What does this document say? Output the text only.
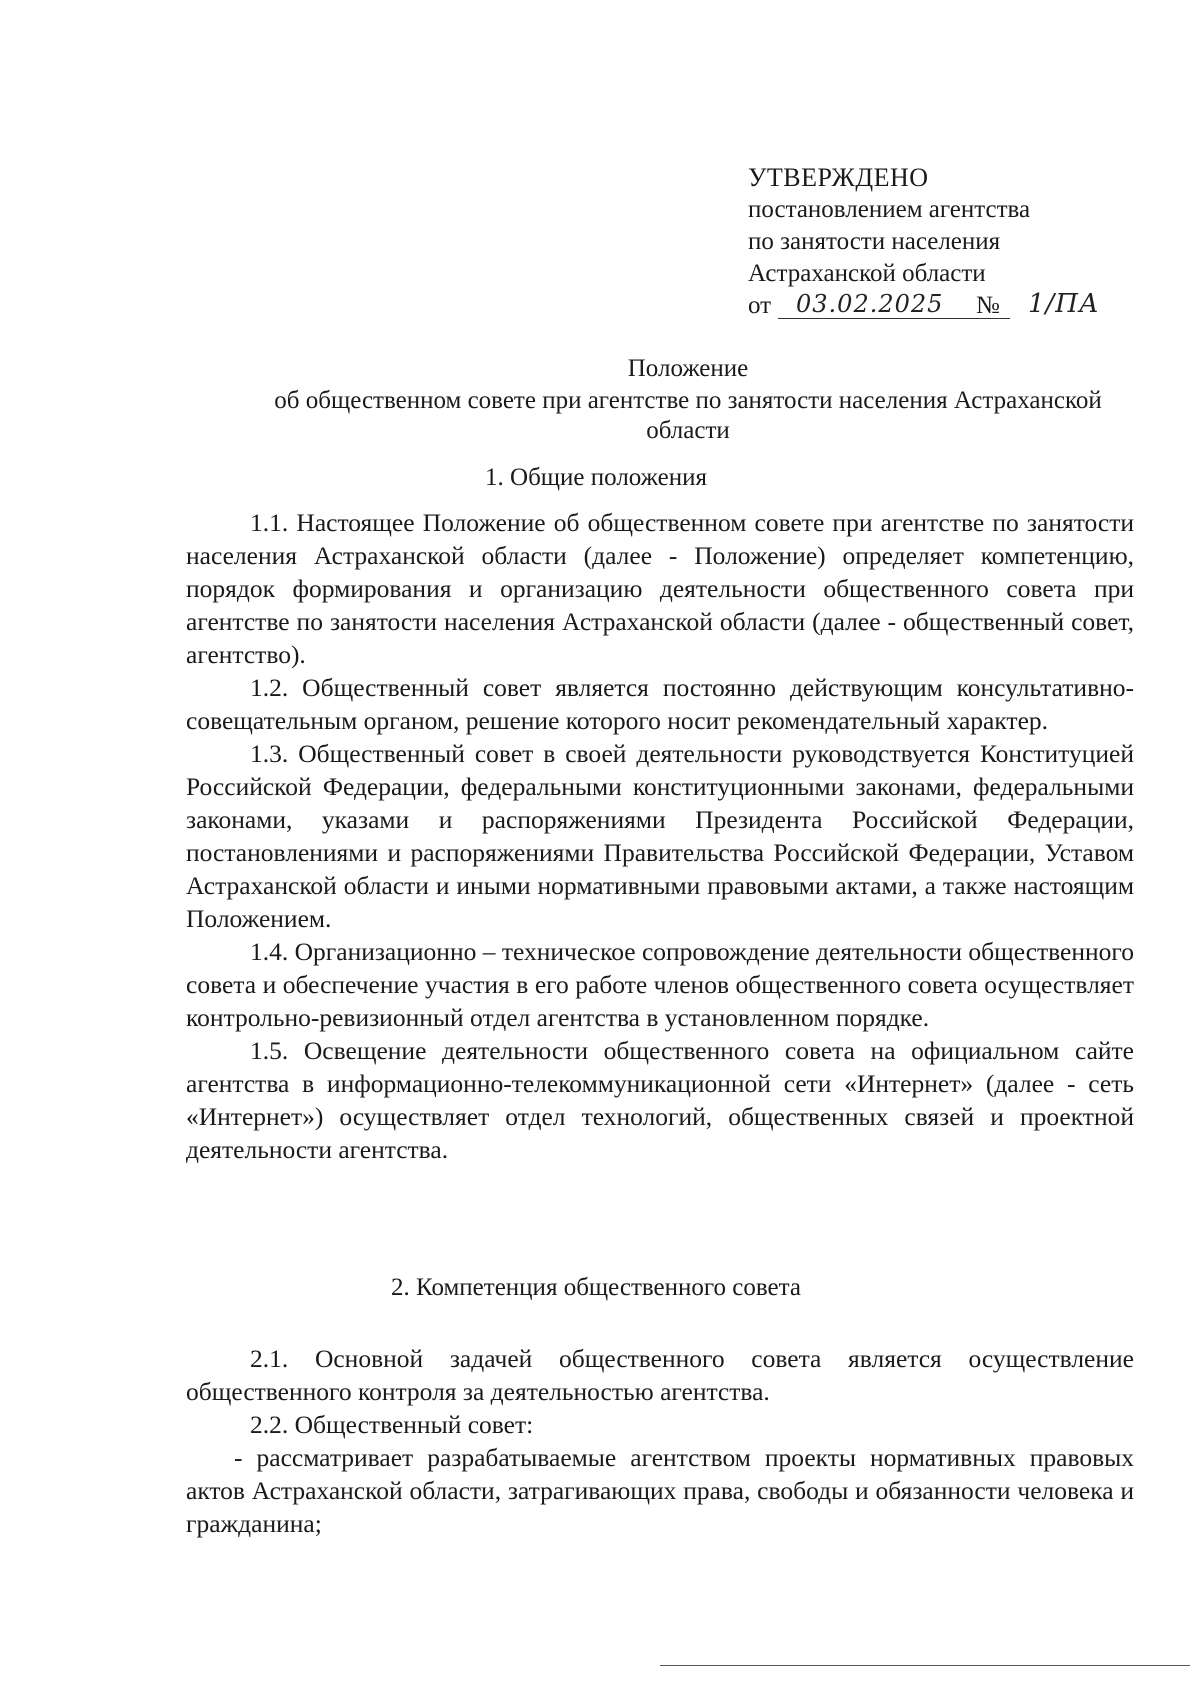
УТВЕРЖДЕНО
постановлением агентства
по занятости населения
Астраханской области
от 03.02.2025 № 1/ПА
Положение
об общественном совете при агентстве по занятости населения Астраханской области
1. Общие положения

1.1. Настоящее Положение об общественном совете при агентстве по занятости населения Астраханской области (далее - Положение) определяет компетенцию, порядок формирования и организацию деятельности общественного совета при агентстве по занятости населения Астраханской области (далее - общественный совет, агентство).

1.2. Общественный совет является постоянно действующим консультативно-совещательным органом, решение которого носит рекомендательный характер.

1.3. Общественный совет в своей деятельности руководствуется Конституцией Российской Федерации, федеральными конституционными законами, федеральными законами, указами и распоряжениями Президента Российской Федерации, постановлениями и распоряжениями Правительства Российской Федерации, Уставом Астраханской области и иными нормативными правовыми актами, а также настоящим Положением.

1.4. Организационно – техническое сопровождение деятельности общественного совета и обеспечение участия в его работе членов общественного совета осуществляет контрольно-ревизионный отдел агентства в установленном порядке.

1.5. Освещение деятельности общественного совета на официальном сайте агентства в информационно-телекоммуникационной сети «Интернет» (далее - сеть «Интернет») осуществляет отдел технологий, общественных связей и проектной деятельности агентства.

2. Компетенция общественного совета

2.1. Основной задачей общественного совета является осуществление общественного контроля за деятельностью агентства.

2.2. Общественный совет:

- рассматривает разрабатываемые агентством проекты нормативных правовых актов Астраханской области, затрагивающих права, свободы и обязанности человека и гражданина;
